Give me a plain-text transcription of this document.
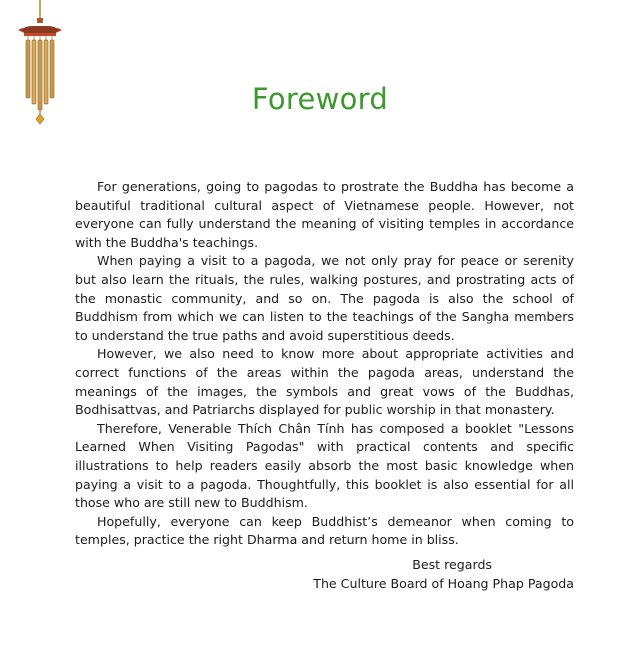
Foreword

For generations, going to pagodas to prostrate the Buddha has become a beautiful traditional cultural aspect of Vietnamese people. However, not everyone can fully understand the meaning of visiting temples in accordance with the Buddha's teachings.

When paying a visit to a pagoda, we not only pray for peace or serenity but also learn the rituals, the rules, walking postures, and prostrating acts of the monastic community, and so on. The pagoda is also the school of Buddhism from which we can listen to the teachings of the Sangha members to understand the true paths and avoid superstitious deeds.

However, we also need to know more about appropriate activities and correct functions of the areas within the pagoda areas, understand the meanings of the images, the symbols and great vows of the Buddhas, Bodhisattvas, and Patriarchs displayed for public worship in that monastery.

Therefore, Venerable Thích Chân Tính has composed a booklet "Lessons Learned When Visiting Pagodas" with practical contents and specific illustrations to help readers easily absorb the most basic knowledge when paying a visit to a pagoda. Thoughtfully, this booklet is also essential for all those who are still new to Buddhism.

Hopefully, everyone can keep Buddhist’s demeanor when coming to temples, practice the right Dharma and return home in bliss.

Best regards
The Culture Board of Hoang Phap Pagoda
